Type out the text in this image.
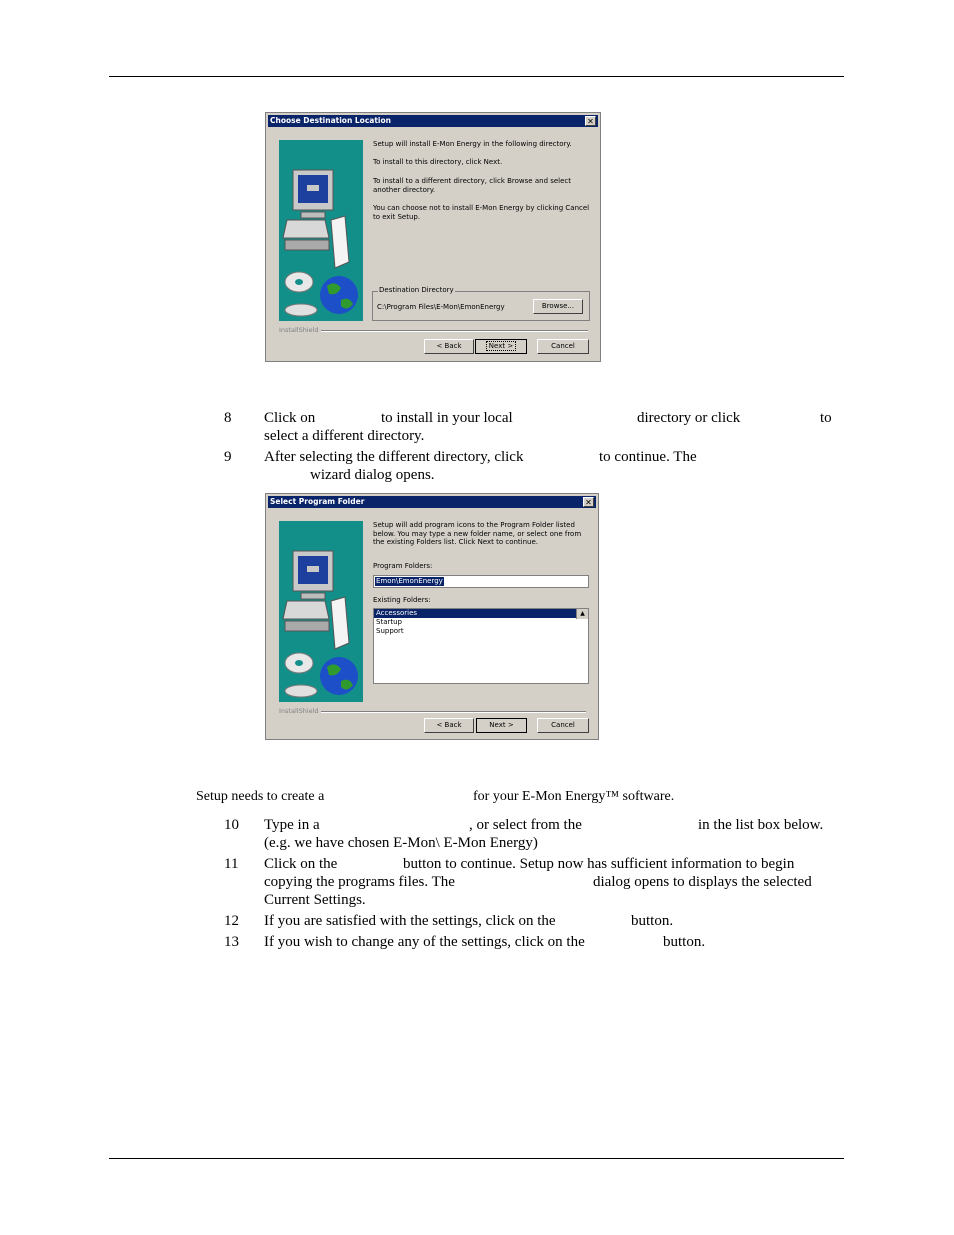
Choose Destination Location	✕
Setup will install E-Mon Energy in the following directory.
To install to this directory, click Next.
To install to a different directory, click Browse and select another directory.
You can choose not to install E-Mon Energy by clicking Cancel to exit Setup.
Destination Directory
C:\Program Files\E-Mon\EmonEnergy	Browse...
InstallShield
< Back	Next >	Cancel
8 Click on	to install in your local	directory or click	to
select a different directory.
9 After selecting the different directory, click	to continue. The
wizard dialog opens.
Select Program Folder	✕
Setup will add program icons to the Program Folder listed below. You may type a new folder name, or select one from the existing Folders list. Click Next to continue.
Program Folders:
Emon\EmonEnergy
Existing Folders:
Accessories
Startup
Support
▲
InstallShield
< Back	Next >	Cancel
Setup needs to create a	for your E-Mon Energy™ software.
10 Type in a	, or select from the	in the list box below.
(e.g. we have chosen E-Mon\ E-Mon Energy)
11 Click on the	button to continue. Setup now has sufficient information to begin
copying the programs files. The	dialog opens to displays the selected
Current Settings.
12 If you are satisfied with the settings, click on the	button.
13 If you wish to change any of the settings, click on the	button.
